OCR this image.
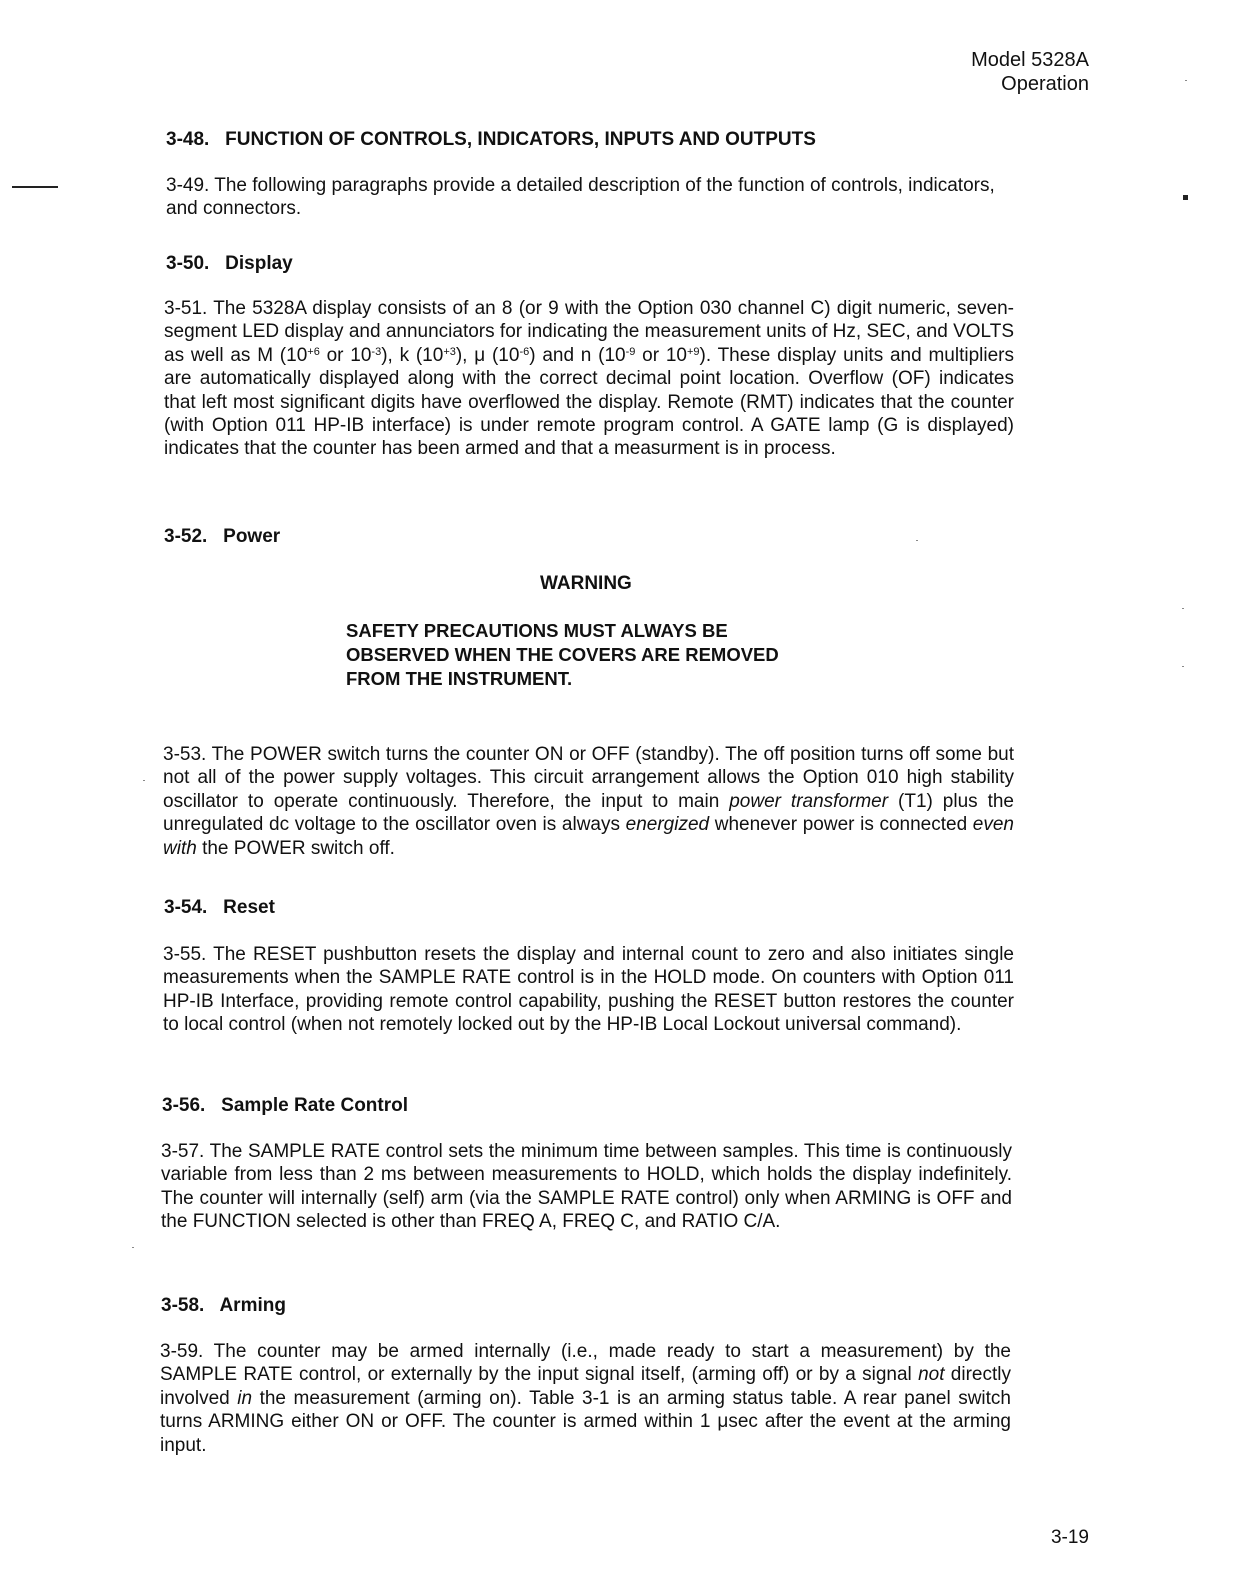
Model 5328A
Operation
3-48. FUNCTION OF CONTROLS, INDICATORS, INPUTS AND OUTPUTS

3-49. The following paragraphs provide a detailed description of the function of controls, indicators, and connectors.

3-50. Display

3-51. The 5328A display consists of an 8 (or 9 with the Option 030 channel C) digit numeric, seven-segment LED display and annunciators for indicating the measurement units of Hz, SEC, and VOLTS as well as M ($10^{+6}$ or $10^{-3}$), k $(10^{+3})$, μ $(10^{-6})$ and n ($10^{-9}$ or $10^{+9}$). These display units and multipliers are automatically displayed along with the correct decimal point location. Overflow (OF) indicates that left most significant digits have overflowed the display. Remote (RMT) indicates that the counter (with Option 011 HP-IB interface) is under remote program control. A GATE lamp (G is displayed) indicates that the counter has been armed and that a measurment is in process.

3-52. Power
WARNING

SAFETY PRECAUTIONS MUST ALWAYS BE OBSERVED WHEN THE COVERS ARE REMOVED FROM THE INSTRUMENT.

3-53. The POWER switch turns the counter ON or OFF (standby). The off position turns off some but not all of the power supply voltages. This circuit arrangement allows the Option 010 high stability oscillator to operate continuously. Therefore, the input to main power transformer (T1) plus the unregulated dc voltage to the oscillator oven is always energized whenever power is connected even with the POWER switch off.

3-54. Reset

3-55. The RESET pushbutton resets the display and internal count to zero and also initiates single measurements when the SAMPLE RATE control is in the HOLD mode. On counters with Option 011 HP-IB Interface, providing remote control capability, pushing the RESET button restores the counter to local control (when not remotely locked out by the HP-IB Local Lockout universal command).

3-56. Sample Rate Control

3-57. The SAMPLE RATE control sets the minimum time between samples. This time is continuously variable from less than 2 ms between measurements to HOLD, which holds the display indefinitely. The counter will internally (self) arm (via the SAMPLE RATE control) only when ARMING is OFF and the FUNCTION selected is other than FREQ A, FREQ C, and RATIO C/A.

3-58. Arming

3-59. The counter may be armed internally (i.e., made ready to start a measurement) by the SAMPLE RATE control, or externally by the input signal itself, (arming off) or by a signal not directly involved in the measurement (arming on). Table 3-1 is an arming status table. A rear panel switch turns ARMING either ON or OFF. The counter is armed within 1 μsec after the event at the arming input.

3-19
